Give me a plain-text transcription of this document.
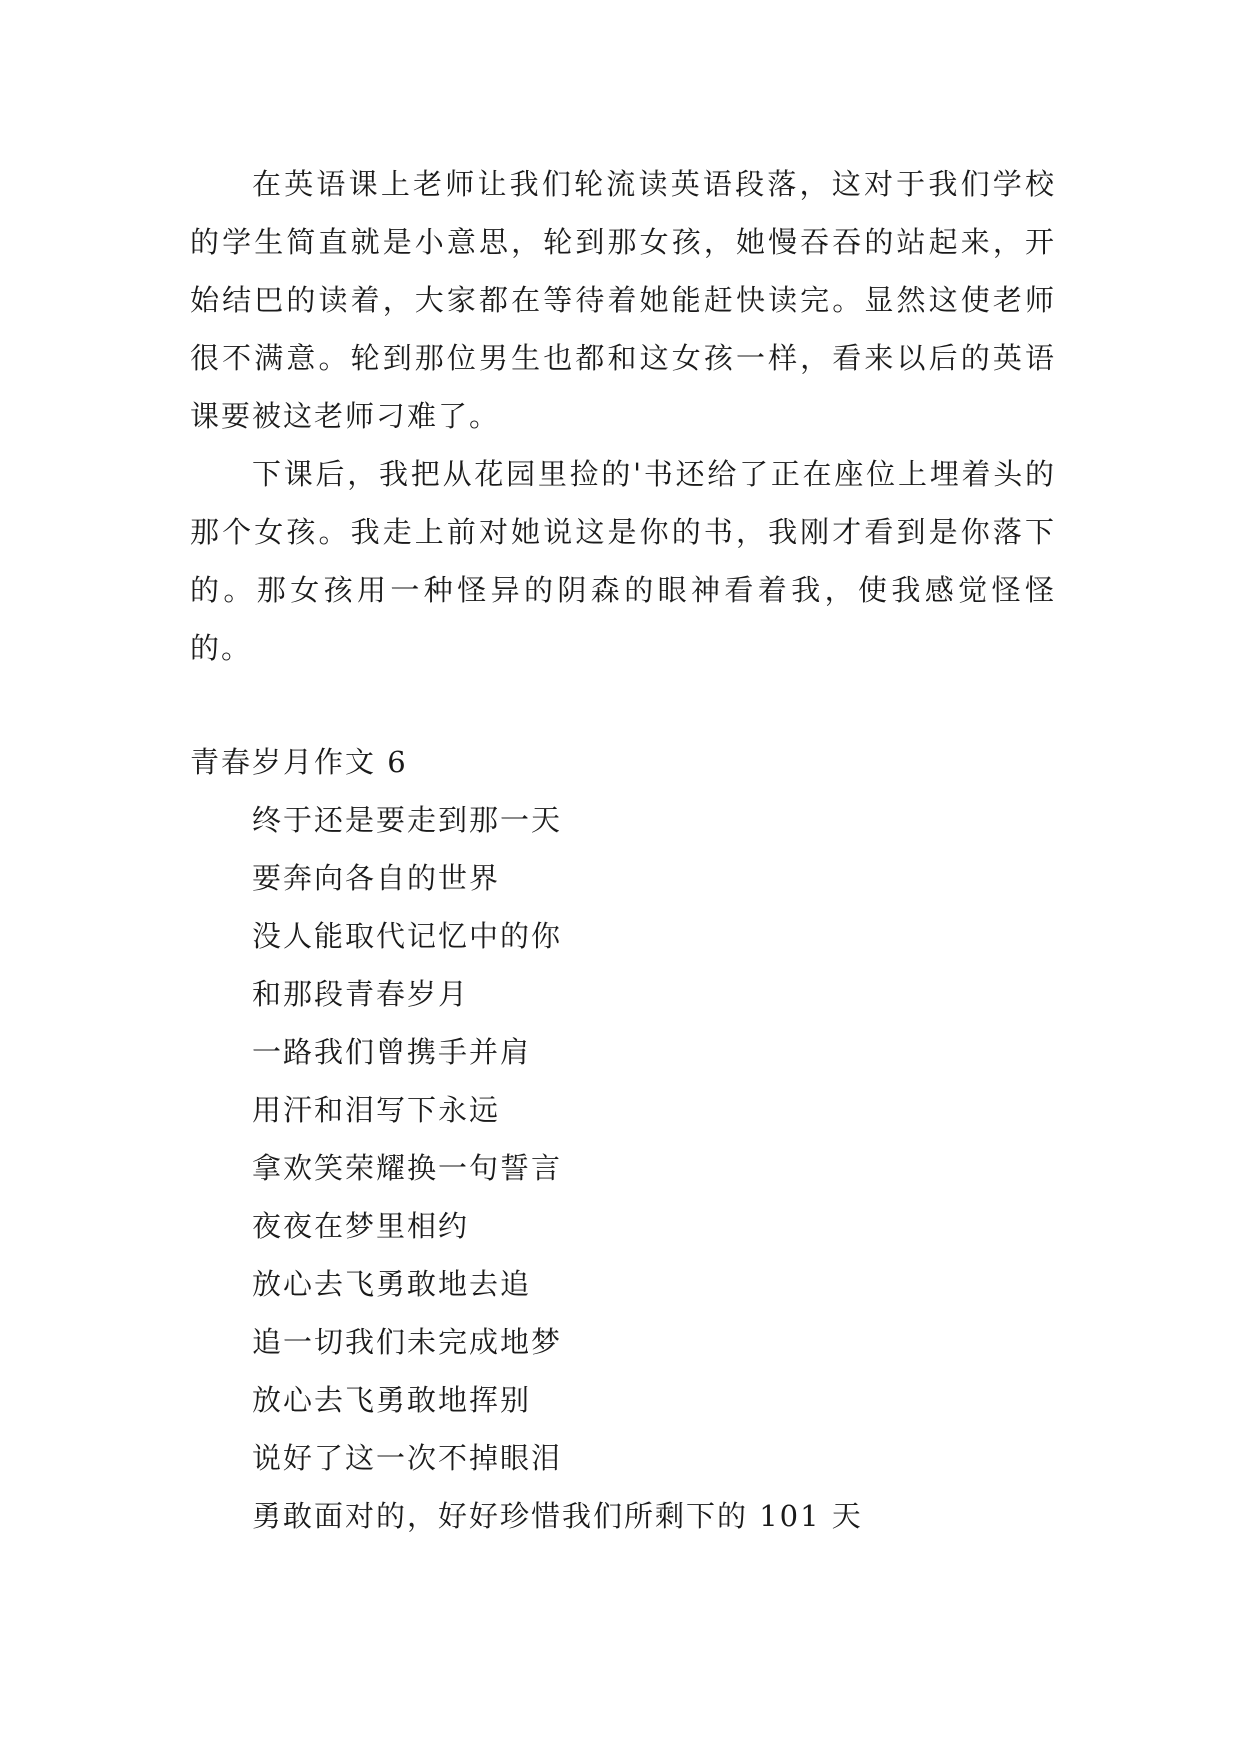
在英语课上老师让我们轮流读英语段落，这对于我们学校的学生简直就是小意思，轮到那女孩，她慢吞吞的站起来，开始结巴的读着，大家都在等待着她能赶快读完。显然这使老师很不满意。轮到那位男生也都和这女孩一样，看来以后的英语课要被这老师刁难了。

下课后，我把从花园里捡的'书还给了正在座位上埋着头的那个女孩。我走上前对她说这是你的书，我刚才看到是你落下的。那女孩用一种怪异的阴森的眼神看着我，使我感觉怪怪的。

青春岁月作文 6

终于还是要走到那一天
要奔向各自的世界
没人能取代记忆中的你
和那段青春岁月
一路我们曾携手并肩
用汗和泪写下永远
拿欢笑荣耀换一句誓言
夜夜在梦里相约
放心去飞勇敢地去追
追一切我们未完成地梦
放心去飞勇敢地挥别
说好了这一次不掉眼泪
勇敢面对的，好好珍惜我们所剩下的 101 天
